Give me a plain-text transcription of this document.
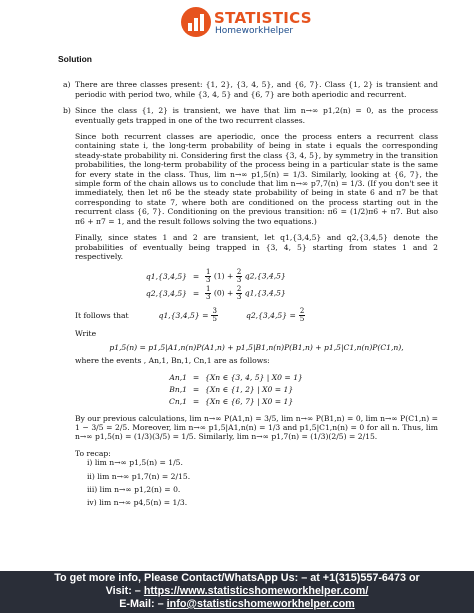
STATISTICS
HomeworkHelper
Solution
a) There are three classes present: {1, 2}, {3, 4, 5}, and {6, 7}. Class {1, 2} is transient and periodic with period two, while {3, 4, 5} and {6, 7} are both aperiodic and recurrent.

b) Since the class {1, 2} is transient, we have that lim n→∞ p1,2(n) = 0, as the process eventually gets trapped in one of the two recurrent classes.

Since both recurrent classes are aperiodic, once the process enters a recurrent class containing state i, the long-term probability of being in state i equals the corresponding steady-state probability πi. Considering first the class {3, 4, 5}, by symmetry in the transition probabilities, the long-term probability of the process being in a particular state is the same for every state in the class. Thus, lim n→∞ p1,5(n) = 1/3. Similarly, looking at {6, 7}, the simple form of the chain allows us to conclude that lim n→∞ p7,7(n) = 1/3. (If you don't see it immediately, then let π6 be the steady state probability of being in state 6 and π7 be that corresponding to state 7, where both are conditioned on the process starting out in the recurrent class {6, 7}. Conditioning on the previous transition: π6 = (1/2)π6 + π7. But also π6 + π7 = 1, and the result follows solving the two equations.)

Finally, since states 1 and 2 are transient, let q1,{3,4,5} and q2,{3,4,5} denote the probabilities of eventually being trapped in {3, 4, 5} starting from states 1 and 2 respectively.

$q1,\{3,4,5\} = \frac{1}{3} (1) + \frac{2}{3} q2,\{3,4,5\}$
$q2,\{3,4,5\} = \frac{1}{3} (0) + \frac{2}{3} q1,\{3,4,5\}$
It follows that	$q1,\{3,4,5\} = \frac{3}{5}$	$q2,\{3,4,5\} = \frac{2}{5}$
Write
p1,5(n) = p1,5|A1,n(n)P(A1,n) + p1,5|B1,n(n)P(B1,n) + p1,5|C1,n(n)P(C1,n),
where the events , An,1, Bn,1, Cn,1 are as follows:
An,1 = {Xn ∈ {3, 4, 5} | X0 = 1}
Bn,1 = {Xn ∈ {1, 2} | X0 = 1}
Cn,1 = {Xn ∈ {6, 7} | X0 = 1}

By our previous calculations, lim n→∞ P(A1,n) = 3/5, lim n→∞ P(B1,n) = 0, lim n→∞ P(C1,n) = 1 − 3/5 = 2/5. Moreover, lim n→∞ p1,5|A1,n(n) = 1/3 and p1,5|C1,n(n) = 0 for all n. Thus, lim n→∞ p1,5(n) = (1/3)(3/5) = 1/5. Similarly, lim n→∞ p1,7(n) = (1/3)(2/5) = 2/15.

To recap:
i) lim n→∞ p1,5(n) = 1/5.
ii) lim n→∞ p1,7(n) = 2/15.
iii) lim n→∞ p1,2(n) = 0.
iv) lim n→∞ p4,5(n) = 1/3.
To get more info, Please Contact/WhatsApp Us: – at +1(315)557-6473 or
Visit: – https://www.statisticshomeworkhelper.com/
E-Mail: – info@statisticshomeworkhelper.com
